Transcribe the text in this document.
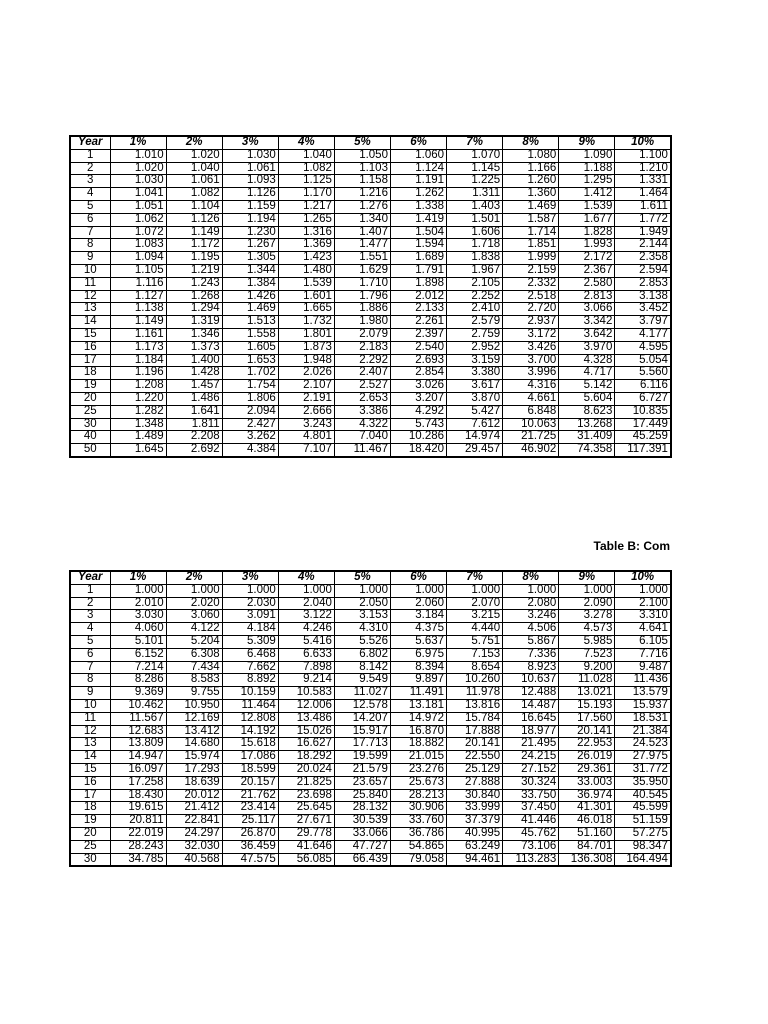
Year	1%	2%	3%	4%	5%	6%	7%	8%	9%	10%
1	1.010	1.020	1.030	1.040	1.050	1.060	1.070	1.080	1.090	1.100
2	1.020	1.040	1.061	1.082	1.103	1.124	1.145	1.166	1.188	1.210
3	1.030	1.061	1.093	1.125	1.158	1.191	1.225	1.260	1.295	1.331
4	1.041	1.082	1.126	1.170	1.216	1.262	1.311	1.360	1.412	1.464
5	1.051	1.104	1.159	1.217	1.276	1.338	1.403	1.469	1.539	1.611
6	1.062	1.126	1.194	1.265	1.340	1.419	1.501	1.587	1.677	1.772
7	1.072	1.149	1.230	1.316	1.407	1.504	1.606	1.714	1.828	1.949
8	1.083	1.172	1.267	1.369	1.477	1.594	1.718	1.851	1.993	2.144
9	1.094	1.195	1.305	1.423	1.551	1.689	1.838	1.999	2.172	2.358
10	1.105	1.219	1.344	1.480	1.629	1.791	1.967	2.159	2.367	2.594
11	1.116	1.243	1.384	1.539	1.710	1.898	2.105	2.332	2.580	2.853
12	1.127	1.268	1.426	1.601	1.796	2.012	2.252	2.518	2.813	3.138
13	1.138	1.294	1.469	1.665	1.886	2.133	2.410	2.720	3.066	3.452
14	1.149	1.319	1.513	1.732	1.980	2.261	2.579	2.937	3.342	3.797
15	1.161	1.346	1.558	1.801	2.079	2.397	2.759	3.172	3.642	4.177
16	1.173	1.373	1.605	1.873	2.183	2.540	2.952	3.426	3.970	4.595
17	1.184	1.400	1.653	1.948	2.292	2.693	3.159	3.700	4.328	5.054
18	1.196	1.428	1.702	2.026	2.407	2.854	3.380	3.996	4.717	5.560
19	1.208	1.457	1.754	2.107	2.527	3.026	3.617	4.316	5.142	6.116
20	1.220	1.486	1.806	2.191	2.653	3.207	3.870	4.661	5.604	6.727
25	1.282	1.641	2.094	2.666	3.386	4.292	5.427	6.848	8.623	10.835
30	1.348	1.811	2.427	3.243	4.322	5.743	7.612	10.063	13.268	17.449
40	1.489	2.208	3.262	4.801	7.040	10.286	14.974	21.725	31.409	45.259
50	1.645	2.692	4.384	7.107	11.467	18.420	29.457	46.902	74.358	117.391
Table B: Com
Year	1%	2%	3%	4%	5%	6%	7%	8%	9%	10%
1	1.000	1.000	1.000	1.000	1.000	1.000	1.000	1.000	1.000	1.000
2	2.010	2.020	2.030	2.040	2.050	2.060	2.070	2.080	2.090	2.100
3	3.030	3.060	3.091	3.122	3.153	3.184	3.215	3.246	3.278	3.310
4	4.060	4.122	4.184	4.246	4.310	4.375	4.440	4.506	4.573	4.641
5	5.101	5.204	5.309	5.416	5.526	5.637	5.751	5.867	5.985	6.105
6	6.152	6.308	6.468	6.633	6.802	6.975	7.153	7.336	7.523	7.716
7	7.214	7.434	7.662	7.898	8.142	8.394	8.654	8.923	9.200	9.487
8	8.286	8.583	8.892	9.214	9.549	9.897	10.260	10.637	11.028	11.436
9	9.369	9.755	10.159	10.583	11.027	11.491	11.978	12.488	13.021	13.579
10	10.462	10.950	11.464	12.006	12.578	13.181	13.816	14.487	15.193	15.937
11	11.567	12.169	12.808	13.486	14.207	14.972	15.784	16.645	17.560	18.531
12	12.683	13.412	14.192	15.026	15.917	16.870	17.888	18.977	20.141	21.384
13	13.809	14.680	15.618	16.627	17.713	18.882	20.141	21.495	22.953	24.523
14	14.947	15.974	17.086	18.292	19.599	21.015	22.550	24.215	26.019	27.975
15	16.097	17.293	18.599	20.024	21.579	23.276	25.129	27.152	29.361	31.772
16	17.258	18.639	20.157	21.825	23.657	25.673	27.888	30.324	33.003	35.950
17	18.430	20.012	21.762	23.698	25.840	28.213	30.840	33.750	36.974	40.545
18	19.615	21.412	23.414	25.645	28.132	30.906	33.999	37.450	41.301	45.599
19	20.811	22.841	25.117	27.671	30.539	33.760	37.379	41.446	46.018	51.159
20	22.019	24.297	26.870	29.778	33.066	36.786	40.995	45.762	51.160	57.275
25	28.243	32.030	36.459	41.646	47.727	54.865	63.249	73.106	84.701	98.347
30	34.785	40.568	47.575	56.085	66.439	79.058	94.461	113.283	136.308	164.494
